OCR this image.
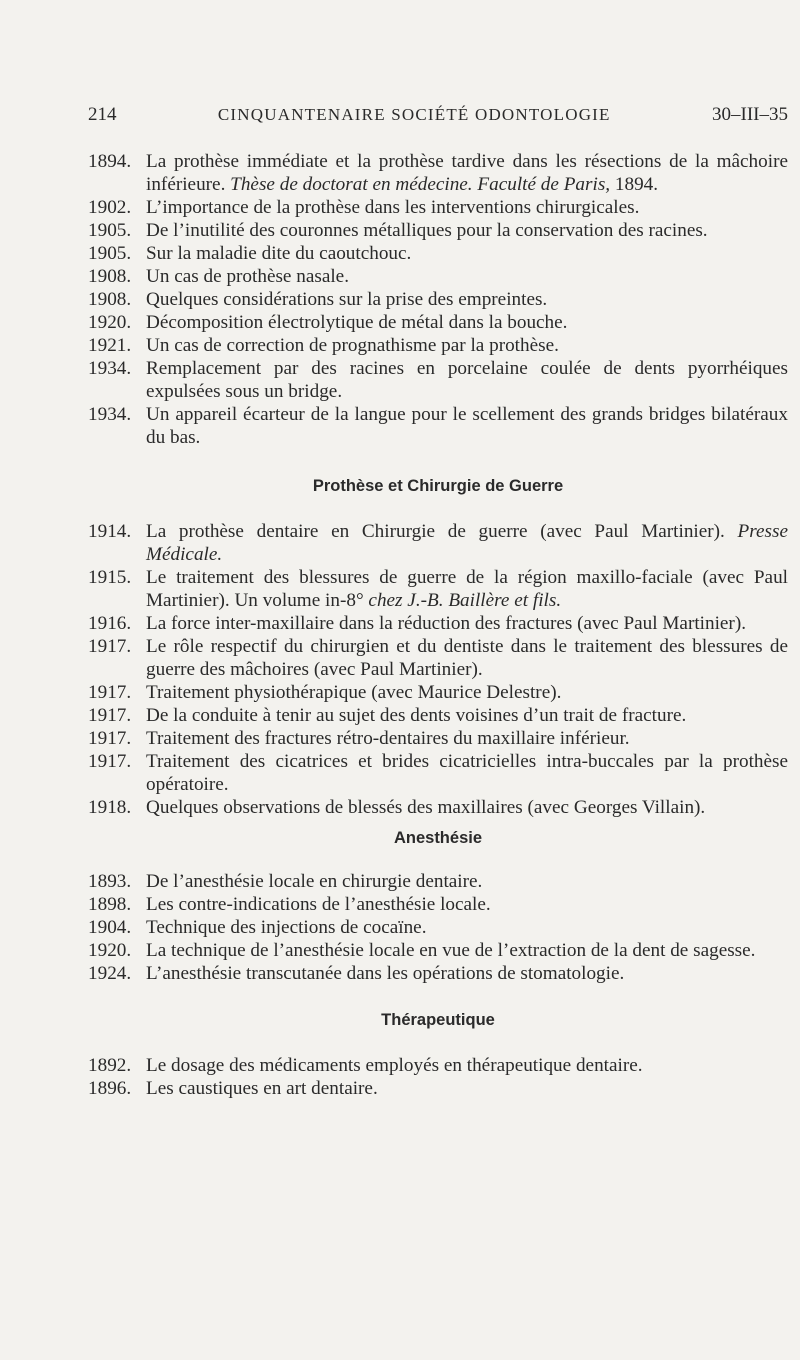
214	CINQUANTENAIRE SOCIÉTÉ ODONTOLOGIE	30–III–35
1894. La prothèse immédiate et la prothèse tardive dans les résections de la mâchoire inférieure. Thèse de doctorat en médecine. Faculté de Paris, 1894.
1902. L’importance de la prothèse dans les interventions chirurgicales.
1905. De l’inutilité des couronnes métalliques pour la conservation des racines.
1905. Sur la maladie dite du caoutchouc.
1908. Un cas de prothèse nasale.
1908. Quelques considérations sur la prise des empreintes.
1920. Décomposition électrolytique de métal dans la bouche.
1921. Un cas de correction de prognathisme par la prothèse.
1934. Remplacement par des racines en porcelaine coulée de dents pyorrhéiques expulsées sous un bridge.
1934. Un appareil écarteur de la langue pour le scellement des grands bridges bilatéraux du bas.
Prothèse et Chirurgie de Guerre
1914. La prothèse dentaire en Chirurgie de guerre (avec Paul Martinier). Presse Médicale.
1915. Le traitement des blessures de guerre de la région maxillo-faciale (avec Paul Martinier). Un volume in-8° chez J.-B. Baillère et fils.
1916. La force inter-maxillaire dans la réduction des fractures (avec Paul Martinier).
1917. Le rôle respectif du chirurgien et du dentiste dans le traitement des blessures de guerre des mâchoires (avec Paul Martinier).
1917. Traitement physiothérapique (avec Maurice Delestre).
1917. De la conduite à tenir au sujet des dents voisines d’un trait de fracture.
1917. Traitement des fractures rétro-dentaires du maxillaire inférieur.
1917. Traitement des cicatrices et brides cicatricielles intra-buccales par la prothèse opératoire.
1918. Quelques observations de blessés des maxillaires (avec Georges Villain).
Anesthésie
1893. De l’anesthésie locale en chirurgie dentaire.
1898. Les contre-indications de l’anesthésie locale.
1904. Technique des injections de cocaïne.
1920. La technique de l’anesthésie locale en vue de l’extraction de la dent de sagesse.
1924. L’anesthésie transcutanée dans les opérations de stomatologie.
Thérapeutique
1892. Le dosage des médicaments employés en thérapeutique dentaire.
1896. Les caustiques en art dentaire.
